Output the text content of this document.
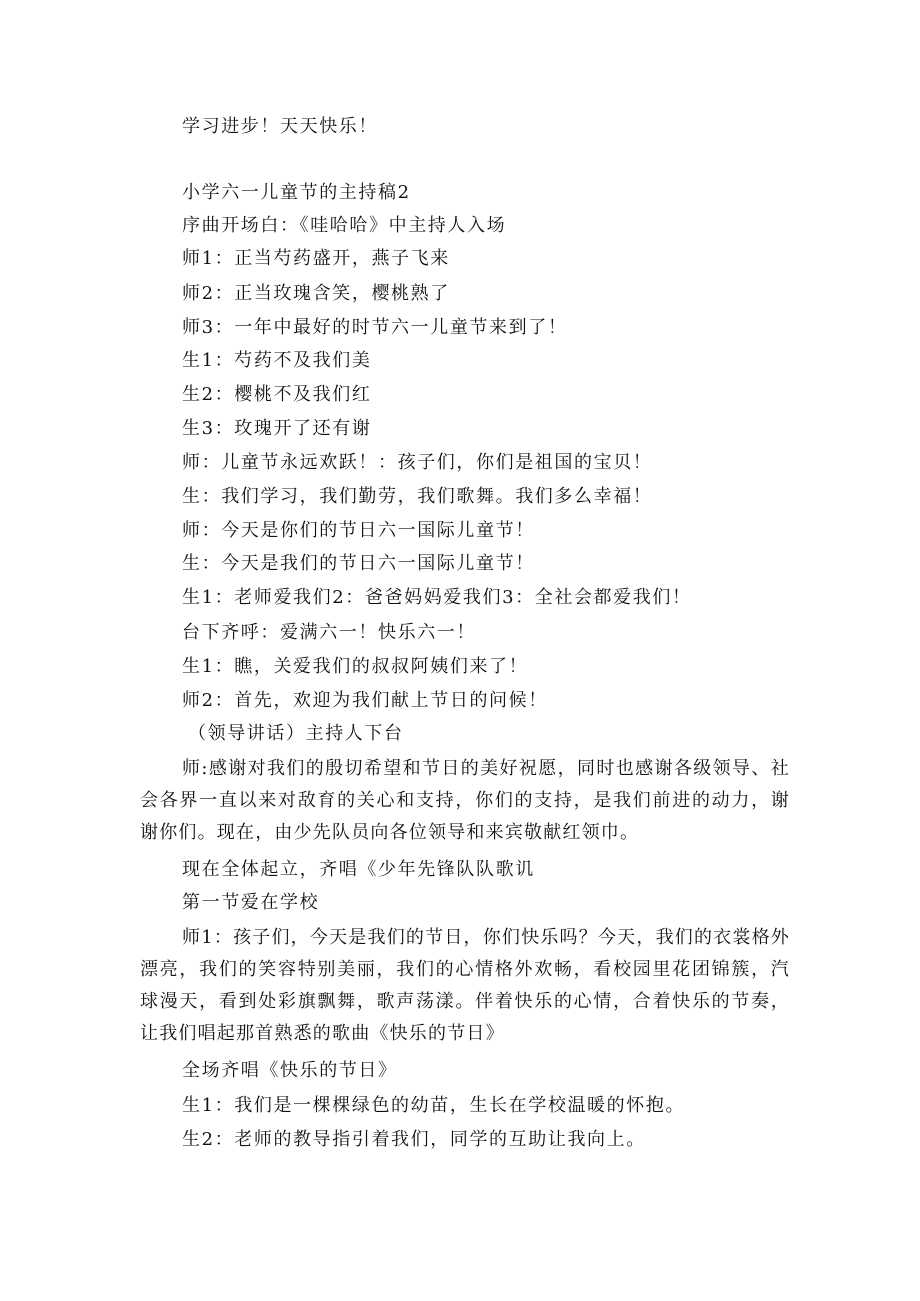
学习进步！天天快乐！
小学六一儿童节的主持稿2
序曲开场白：《哇哈哈》中主持人入场
师1：正当芍药盛开，燕子飞来
师2：正当玫瑰含笑，樱桃熟了
师3：一年中最好的时节六一儿童节来到了！
生1：芍药不及我们美
生2：樱桃不及我们红
生3：玫瑰开了还有谢
师：儿童节永远欢跃！：孩子们，你们是祖国的宝贝！
生：我们学习，我们勤劳，我们歌舞。我们多么幸福！
师：今天是你们的节日六一国际儿童节！
生：今天是我们的节日六一国际儿童节！
生1：老师爱我们2：爸爸妈妈爱我们3：全社会都爱我们！
台下齐呼：爱满六一！快乐六一！
生1：瞧，关爱我们的叔叔阿姨们来了！
师2：首先，欢迎为我们献上节日的问候！
（领导讲话）主持人下台
师:感谢对我们的殷切希望和节日的美好祝愿，同时也感谢各级领导、社会各界一直以来对敌育的关心和支持，你们的支持，是我们前进的动力，谢谢你们。现在，由少先队员向各位领导和来宾敬献红领巾。
现在全体起立，齐唱《少年先锋队队歌讥
第一节爱在学校
师1：孩子们，今天是我们的节日，你们快乐吗？今天，我们的衣裳格外漂亮，我们的笑容特别美丽，我们的心情格外欢畅，看校园里花团锦簇，汽球漫天，看到处彩旗飘舞，歌声荡漾。伴着快乐的心情，合着快乐的节奏，让我们唱起那首熟悉的歌曲《快乐的节日》
全场齐唱《快乐的节日》
生1：我们是一棵棵绿色的幼苗，生长在学校温暖的怀抱。
生2：老师的教导指引着我们，同学的互助让我向上。
